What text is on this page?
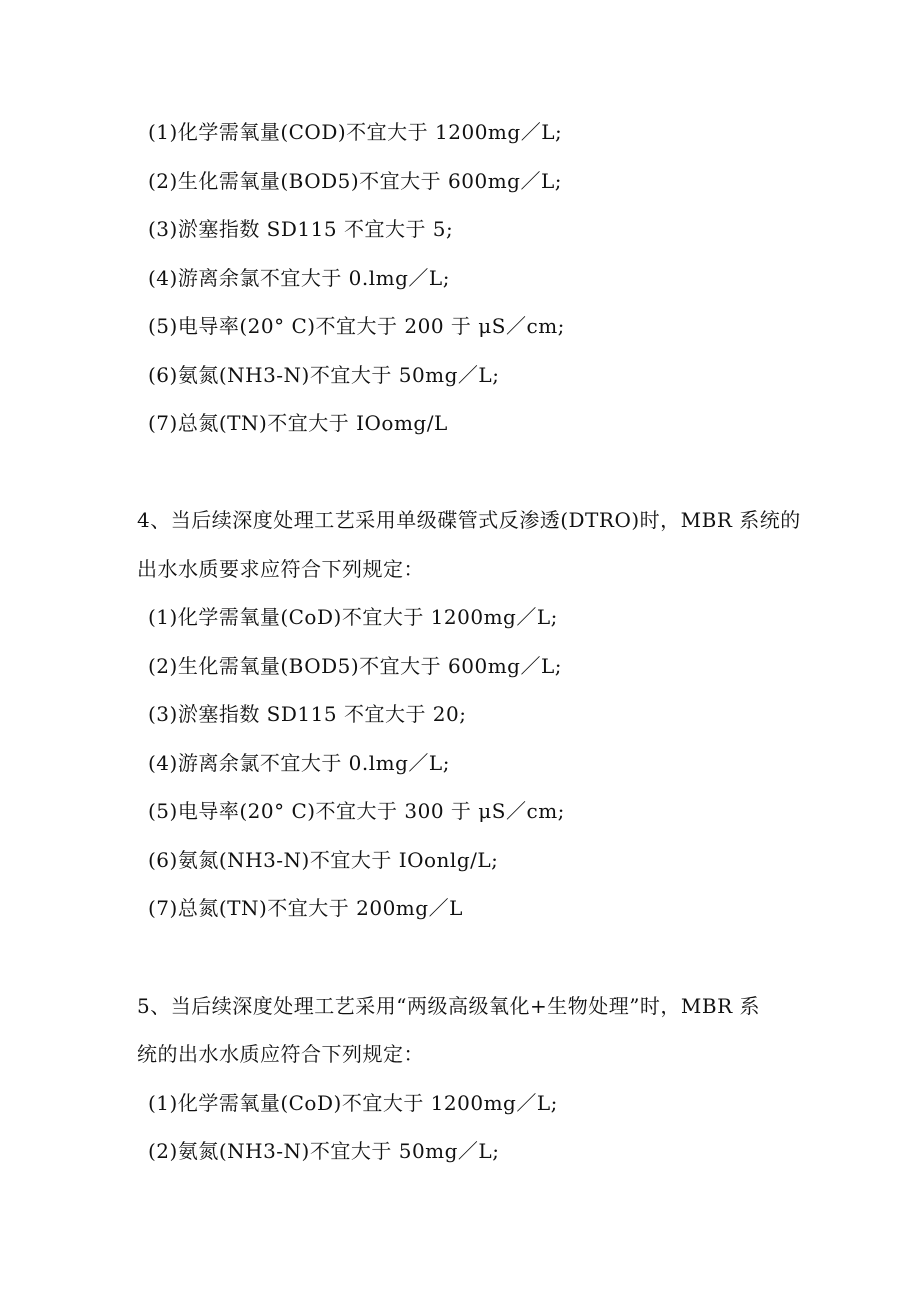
(1)化学需氧量(COD)不宜大于 1200mg／L;
(2)生化需氧量(BOD5)不宜大于 600mg／L;
(3)淤塞指数 SD115 不宜大于 5;
(4)游离余氯不宜大于 0.lmg／L;
(5)电导率(20° C)不宜大于 200 于 μS／cm;
(6)氨氮(NH3-N)不宜大于 50mg／L;
(7)总氮(TN)不宜大于 IOomg/L
4、当后续深度处理工艺采用单级碟管式反渗透(DTRO)时，MBR 系统的
出水水质要求应符合下列规定：
(1)化学需氧量(CoD)不宜大于 1200mg／L;
(2)生化需氧量(BOD5)不宜大于 600mg／L;
(3)淤塞指数 SD115 不宜大于 20;
(4)游离余氯不宜大于 0.lmg／L;
(5)电导率(20° C)不宜大于 300 于 μS／cm;
(6)氨氮(NH3-N)不宜大于 IOonlg/L;
(7)总氮(TN)不宜大于 200mg／L
5、当后续深度处理工艺采用“两级高级氧化+生物处理”时，MBR 系
统的出水水质应符合下列规定：
(1)化学需氧量(CoD)不宜大于 1200mg／L;
(2)氨氮(NH3-N)不宜大于 50mg／L;
